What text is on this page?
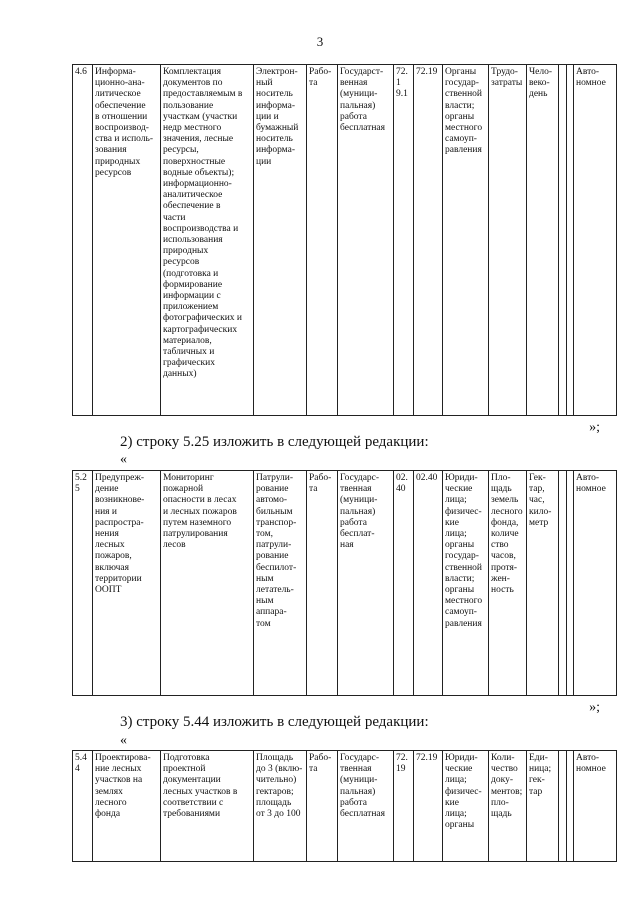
3
4.6	Информа-
ционно-ана-
литическое
обеспечение
в отношении
воспроизвод-
ства и исполь-
зования
природных
ресурсов	Комплектация
документов по
предоставляемым в
пользование
участкам (участки
недр местного
значения, лесные
ресурсы,
поверхностные
водные объекты);
информационно-
аналитическое
обеспечение в
части
воспроизводства и
использования
природных
ресурсов
(подготовка и
формирование
информации с
приложением
фотографических и
картографических
материалов,
табличных и
графических
данных)	Электрон-
ный
носитель
информа-
ции и
бумажный
носитель
информа-
ции	Рабо-
та	Государст-
венная
(муници-
пальная)
работа
бесплатная	72.1
9.1	72.19	Органы
государ-
ственной
власти;
органы
местного
самоуп-
равления	Трудо-
затраты	Чело-
веко-
день			Авто-
номное
»;
2) строку 5.25 изложить в следующей редакции:
«
5.25	Предупреж-
дение
возникнове-
ния и
распростра-
нения
лесных
пожаров,
включая
территории
ООПТ	Мониторинг
пожарной
опасности в лесах
и лесных пожаров
путем наземного
патрулирования
лесов	Патрули-
рование
автомо-
бильным
транспор-
том,
патрули-
рование
беспилот-
ным
летатель-
ным
аппара-
том	Рабо-
та	Государс-
твенная
(муници-
пальная)
работа
бесплат-
ная	02.
40	02.40	Юриди-
ческие
лица;
физичес-
кие
лица;
органы
государ-
ственной
власти;
органы
местного
самоуп-
равления	Пло-
щадь
земель
лесного
фонда,
количе
ство
часов,
протя-
жен-
ность	Гек-
тар,
час,
кило-
метр			Авто-
номное
»;
3) строку 5.44 изложить в следующей редакции:
«
5.44	Проектирова-
ние лесных
участков на
землях
лесного
фонда	Подготовка
проектной
документации
лесных участков в
соответствии с
требованиями	Площадь
до 3 (вклю-
чительно)
гектаров;
площадь
от 3 до 100	Рабо-
та	Государс-
твенная
(муници-
пальная)
работа
бесплатная	72.
19	72.19	Юриди-
ческие
лица;
физичес-
кие
лица;
органы	Коли-
чество
доку-
ментов;
пло-
щадь	Еди-
ница;
гек-
тар			Авто-
номное
